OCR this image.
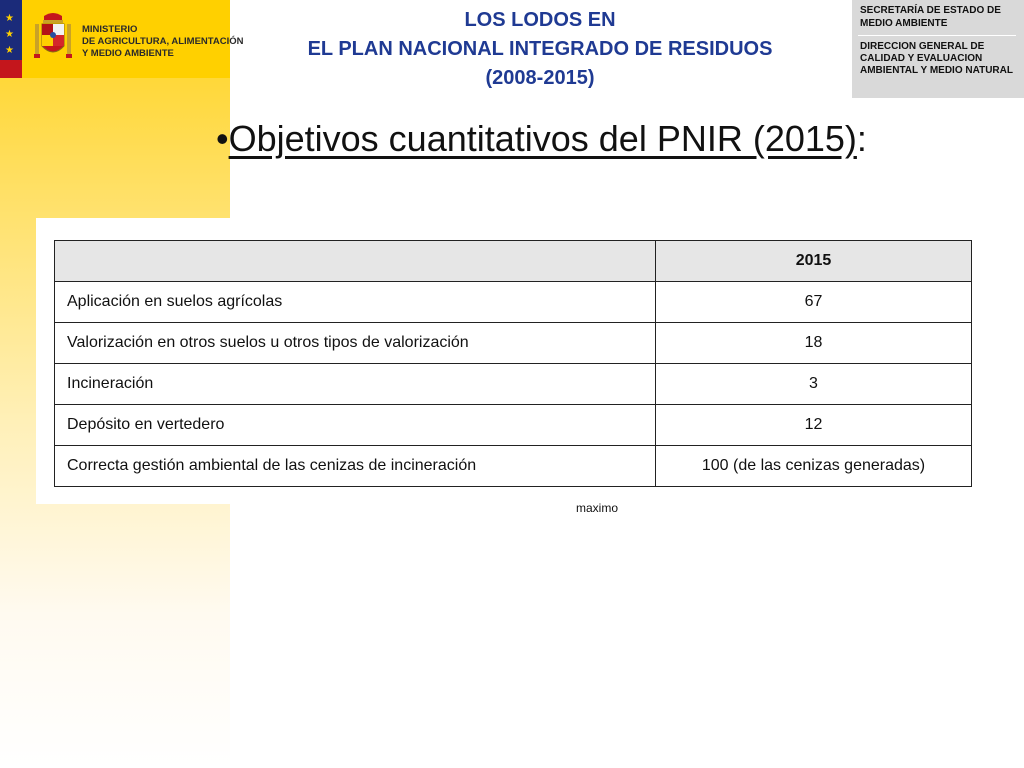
★
★
★
MINISTERIO
DE AGRICULTURA, ALIMENTACIÓN
Y MEDIO AMBIENTE
LOS LODOS EN
EL PLAN NACIONAL INTEGRADO DE RESIDUOS
(2008-2015)
SECRETARÍA DE ESTADO DE MEDIO AMBIENTE
DIRECCION GENERAL DE CALIDAD Y EVALUACION AMBIENTAL Y MEDIO NATURAL
•Objetivos cuantitativos del PNIR (2015):
	2015
Aplicación en suelos agrícolas	67
Valorización en otros suelos u otros tipos de valorización	18
Incineración	3
Depósito en vertedero	12
Correcta gestión ambiental de las cenizas de incineración	100 (de las cenizas generadas)
maximo
